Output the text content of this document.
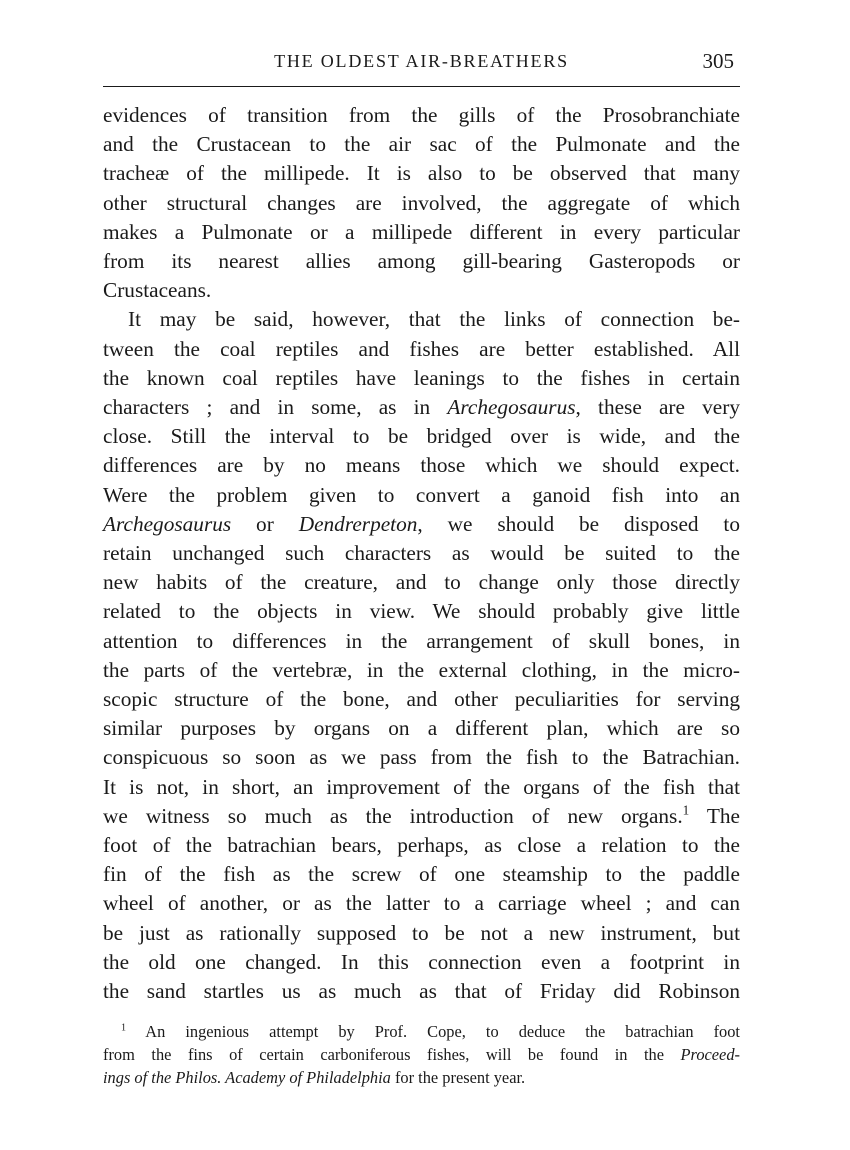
THE OLDEST AIR-BREATHERS	305
evidences of transition from the gills of the Prosobranchiate
and the Crustacean to the air sac of the Pulmonate and the
tracheæ of the millipede. It is also to be observed that many
other structural changes are involved, the aggregate of which
makes a Pulmonate or a millipede different in every particular
from its nearest allies among gill-bearing Gasteropods or
Crustaceans.
It may be said, however, that the links of connection be-
tween the coal reptiles and fishes are better established. All
the known coal reptiles have leanings to the fishes in certain
characters ; and in some, as in Archegosaurus, these are very
close. Still the interval to be bridged over is wide, and the
differences are by no means those which we should expect.
Were the problem given to convert a ganoid fish into an
Archegosaurus or Dendrerpeton, we should be disposed to
retain unchanged such characters as would be suited to the
new habits of the creature, and to change only those directly
related to the objects in view. We should probably give little
attention to differences in the arrangement of skull bones, in
the parts of the vertebræ, in the external clothing, in the micro-
scopic structure of the bone, and other peculiarities for serving
similar purposes by organs on a different plan, which are so
conspicuous so soon as we pass from the fish to the Batrachian.
It is not, in short, an improvement of the organs of the fish that
we witness so much as the introduction of new organs.$^1$ The
foot of the batrachian bears, perhaps, as close a relation to the
fin of the fish as the screw of one steamship to the paddle
wheel of another, or as the latter to a carriage wheel ; and can
be just as rationally supposed to be not a new instrument, but
the old one changed. In this connection even a footprint in
the sand startles us as much as that of Friday did Robinson
$^1$ An ingenious attempt by Prof. Cope, to deduce the batrachian foot
from the fins of certain carboniferous fishes, will be found in the Proceed-
ings of the Philos. Academy of Philadelphia for the present year.
